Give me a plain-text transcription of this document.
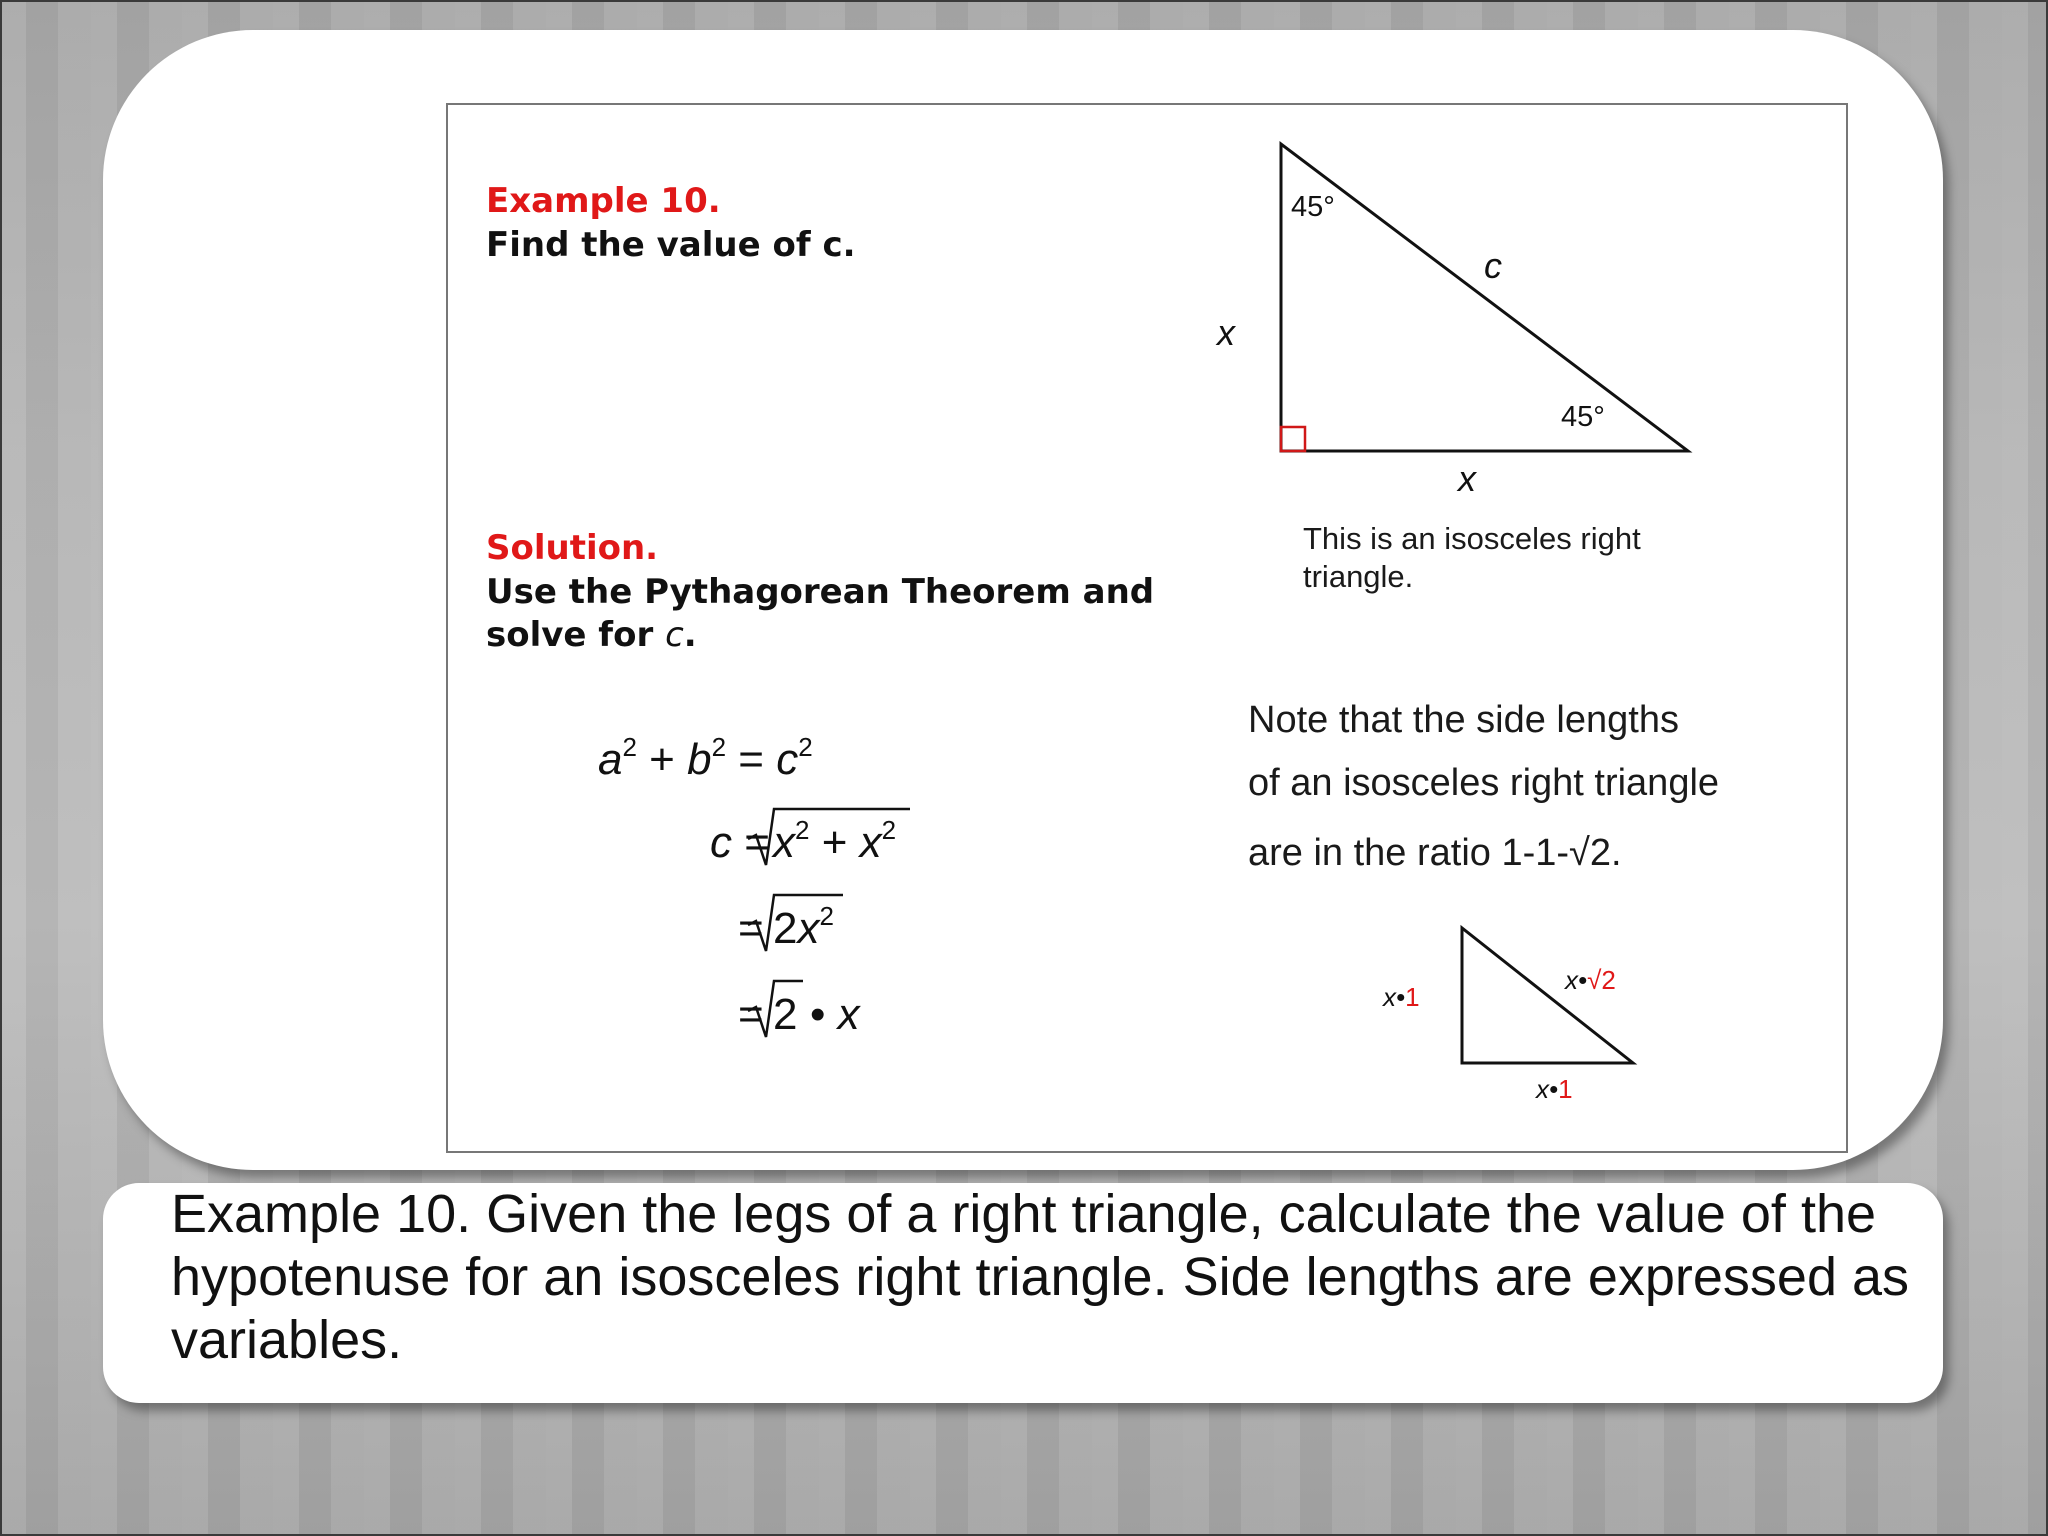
Example 10.
Find the value of c.
Solution.
Use the Pythagorean Theorem and
solve for c.
45°
45°
c
x
x
This is an isosceles right
triangle.
$a^2 + b^2 = c^2$
$c = x^2 + x^2$
= $2x^2$
= 2 • x
Note that the side lengths
of an isosceles right triangle
are in the ratio 1-1-√2.
x•1
x•1
x•√2
Example 10. Given the legs of a right triangle, calculate the value of the hypotenuse for an isosceles right triangle. Side lengths are expressed as variables.
